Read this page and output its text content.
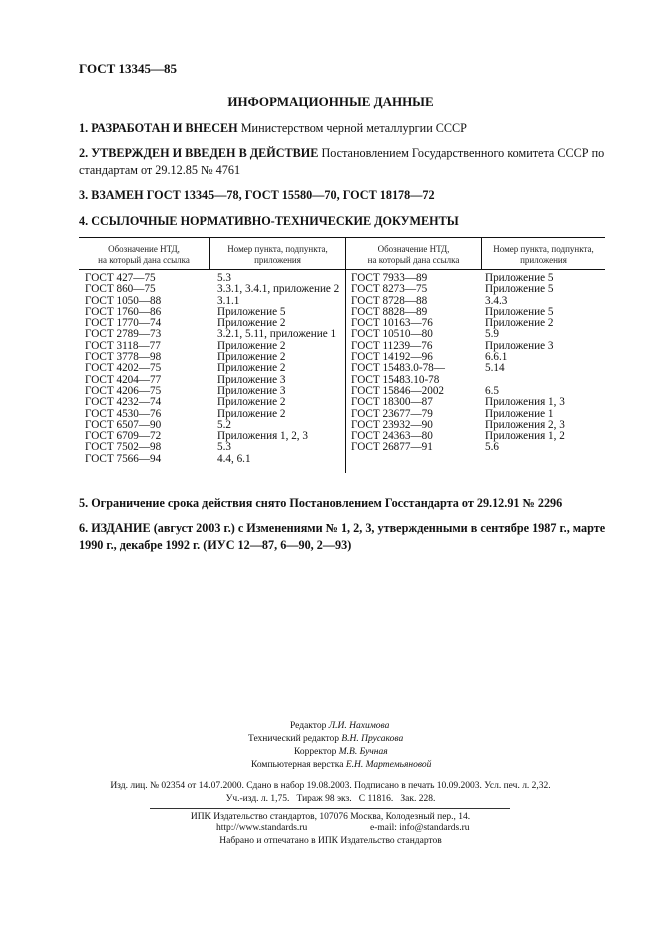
ГОСТ 13345—85
ИНФОРМАЦИОННЫЕ ДАННЫЕ
1. РАЗРАБОТАН И ВНЕСЕН Министерством черной металлургии СССР
2. УТВЕРЖДЕН И ВВЕДЕН В ДЕЙСТВИЕ Постановлением Государственного комитета СССР по стандартам от 29.12.85 № 4761
3. ВЗАМЕН ГОСТ 13345—78, ГОСТ 15580—70, ГОСТ 18178—72
4. ССЫЛОЧНЫЕ НОРМАТИВНО-ТЕХНИЧЕСКИЕ ДОКУМЕНТЫ
Обозначение НТД,
на который дана ссылка
Номер пункта, подпункта,
приложения
Обозначение НТД,
на который дана ссылка
Номер пункта, подпункта,
приложения
ГОСТ 427—75
ГОСТ 860—75
ГОСТ 1050—88
ГОСТ 1760—86
ГОСТ 1770—74
ГОСТ 2789—73
ГОСТ 3118—77
ГОСТ 3778—98
ГОСТ 4202—75
ГОСТ 4204—77
ГОСТ 4206—75
ГОСТ 4232—74
ГОСТ 4530—76
ГОСТ 6507—90
ГОСТ 6709—72
ГОСТ 7502—98
ГОСТ 7566—94
5.3
3.3.1, 3.4.1, приложение 2
3.1.1
Приложение 5
Приложение 2
3.2.1, 5.11, приложение 1
Приложение 2
Приложение 2
Приложение 2
Приложение 3
Приложение 3
Приложение 2
Приложение 2
5.2
Приложения 1, 2, 3
5.3
4.4, 6.1
ГОСТ 7933—89
ГОСТ 8273—75
ГОСТ 8728—88
ГОСТ 8828—89
ГОСТ 10163—76
ГОСТ 10510—80
ГОСТ 11239—76
ГОСТ 14192—96
ГОСТ 15483.0-78—
ГОСТ 15483.10-78
ГОСТ 15846—2002
ГОСТ 18300—87
ГОСТ 23677—79
ГОСТ 23932—90
ГОСТ 24363—80
ГОСТ 26877—91
Приложение 5
Приложение 5
3.4.3
Приложение 5
Приложение 2
5.9
Приложение 3
6.6.1
5.14
6.5
Приложения 1, 3
Приложение 1
Приложения 2, 3
Приложения 1, 2
5.6
5. Ограничение срока действия снято Постановлением Госстандарта от 29.12.91 № 2296
6. ИЗДАНИЕ (август 2003 г.) с Изменениями № 1, 2, 3, утвержденными в сентябре 1987 г., марте 1990 г., декабре 1992 г. (ИУС 12—87, 6—90, 2—93)
Редактор Л.И. Нахимова
Технический редактор В.Н. Прусакова
Корректор М.В. Бучная
Компьютерная верстка Е.Н. Мартемьяновой
Изд. лиц. № 02354 от 14.07.2000. Сдано в набор 19.08.2003. Подписано в печать 10.09.2003. Усл. печ. л. 2,32.
Уч.-изд. л. 1,75.   Тираж 98 экз.   С 11816.   Зак. 228.
ИПК Издательство стандартов, 107076 Москва, Колодезный пер., 14.
http://www.standards.ru	e-mail: info@standards.ru
Набрано и отпечатано в ИПК Издательство стандартов
